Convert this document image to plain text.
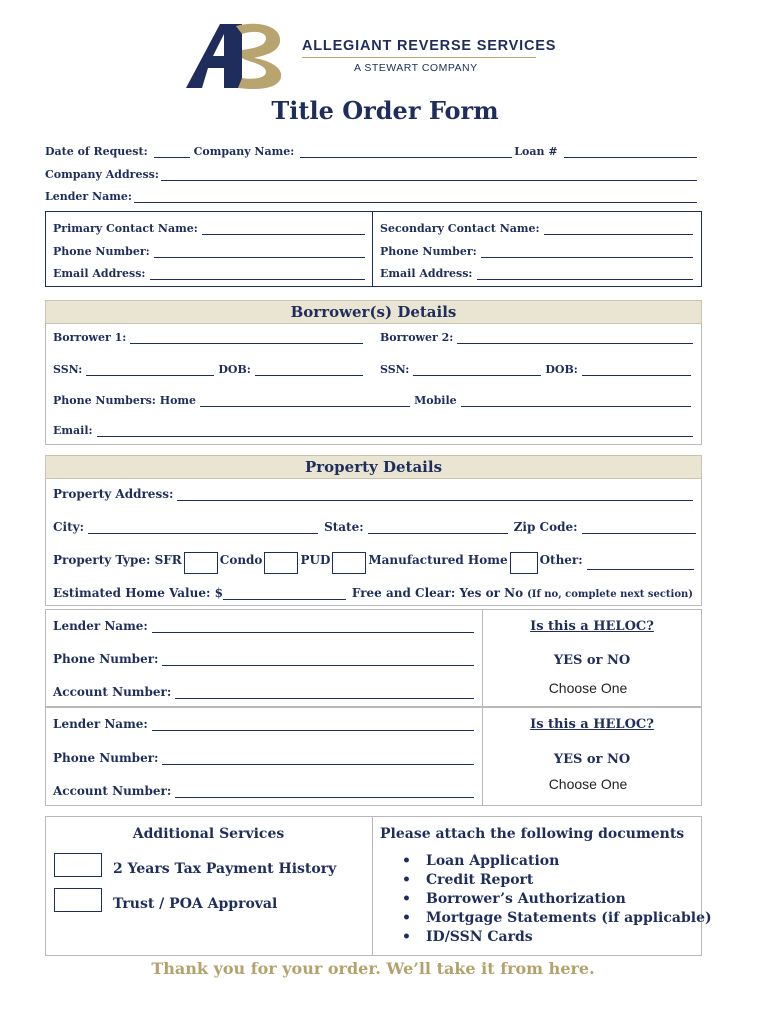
ALLEGIANT REVERSE SERVICES
A STEWART COMPANY
Title Order Form
Date of Request:	Company Name:	Loan #
Company Address:
Lender Name:
Primary Contact Name:
Phone Number:
Email Address:
Secondary Contact Name:
Phone Number:
Email Address:
Borrower(s) Details
Borrower 1:	Borrower 2:
SSN:	DOB:	SSN:	DOB:
Phone Numbers: Home	Mobile
Email:
Property Details
Property Address:
City:	State:	Zip Code:
Property Type: SFR	Condo	PUD	Manufactured Home	Other:
Estimated Home Value: $	Free and Clear: Yes or No (If no, complete next section)
Lender Name:
Phone Number:
Account Number:
Is this a HELOC?
YES or NO
Choose One
Lender Name:
Phone Number:
Account Number:
Is this a HELOC?
YES or NO
Choose One
Additional Services
2 Years Tax Payment History
Trust / POA Approval
Please attach the following documents
• Loan Application
• Credit Report
• Borrower’s Authorization
• Mortgage Statements (if applicable)
• ID/SSN Cards
Thank you for your order. We’ll take it from here.
